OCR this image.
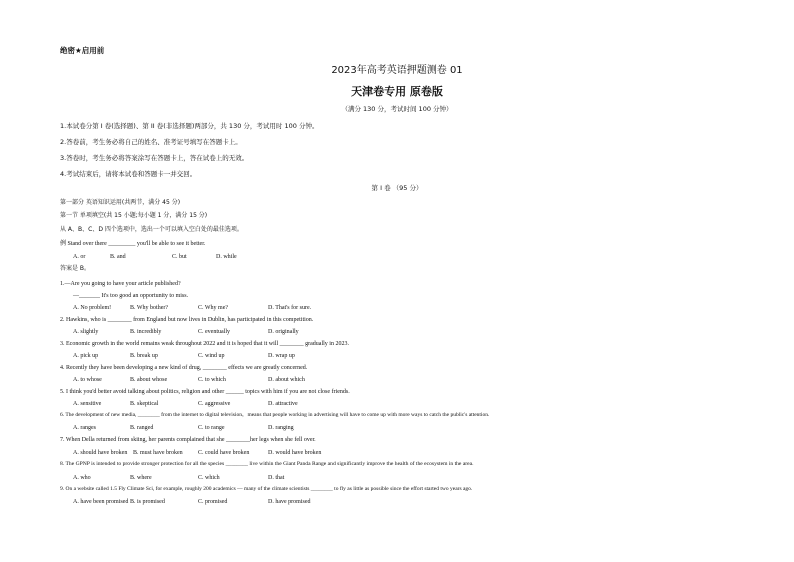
绝密★启用前
2023年高考英语押题测卷 01
天津卷专用 原卷版
（满分 130 分，考试时间 100 分钟）
1.本试卷分第 I 卷(选择题)、第 II 卷(非选择题)两部分，共 130 分，考试用时 100 分钟。
2.答卷前，考生务必将自己的姓名、准考证号填写在答题卡上。
3.答卷时，考生务必将答案涂写在答题卡上，答在试卷上的无效。
4.考试结束后，请将本试卷和答题卡一并交回。
第 I 卷 （95 分）
第一部分 英语知识运用(共两节，满分 45 分)
第一节 单项填空(共 15 小题;每小题 1 分，满分 15 分)
从 A、B、C、D 四个选项中，选出一个可以填入空白处的最佳选项。
例 Stand over there _________ you'll be able to see it better.
A. or	B. and	C. but	D. while
答案是 B。
1.—Are you going to have your article published?
—_______ It's too good an opportunity to miss.
A. No problem!	B. Why bother?	C. Why me?	D. That's for sure.
2. Hawkins, who is ________ from England but now lives in Dublin, has participated in this competition.
A. slightly	B. incredibly	C. eventually	D. originally
3. Economic growth in the world remains weak throughout 2022 and it is hoped that it will ________ gradually in 2023.
A. pick up	B. break up	C. wind up	D. wrap up
4. Recently they have been developing a new kind of drug, ________ effects we are greatly concerned.
A. to whose	B. about whose	C. to which	D. about which
5. I think you'd better avoid talking about politics, religion and other ______ topics with him if you are not close friends.
A. sensitive	B. skeptical	C. aggressive	D. attractive
6. The development of new media, ________ from the internet to digital television，means that people working in advertising will have to come up with more ways to catch the public's attention.
A. ranges	B. ranged	C. to range	D. ranging
7. When Della returned from skiing, her parents complained that she ________her legs when she fell over.
A. should have broken B. must have broken	C. could have broken	D. would have broken
8. The GPNP is intended to provide stronger protection for all the species ________ live within the Giant Panda Range and significantly improve the health of the ecosystem in the area.
A. who	B. where	C. which	D. that
9. On a website called 1.5 Fly Climate Sci, for example, roughly 200 academics — many of the climate scientists ________ to fly as little as possible since the effort started two years ago.
A. have been promised B. is promised	C. promised	D. have promised
